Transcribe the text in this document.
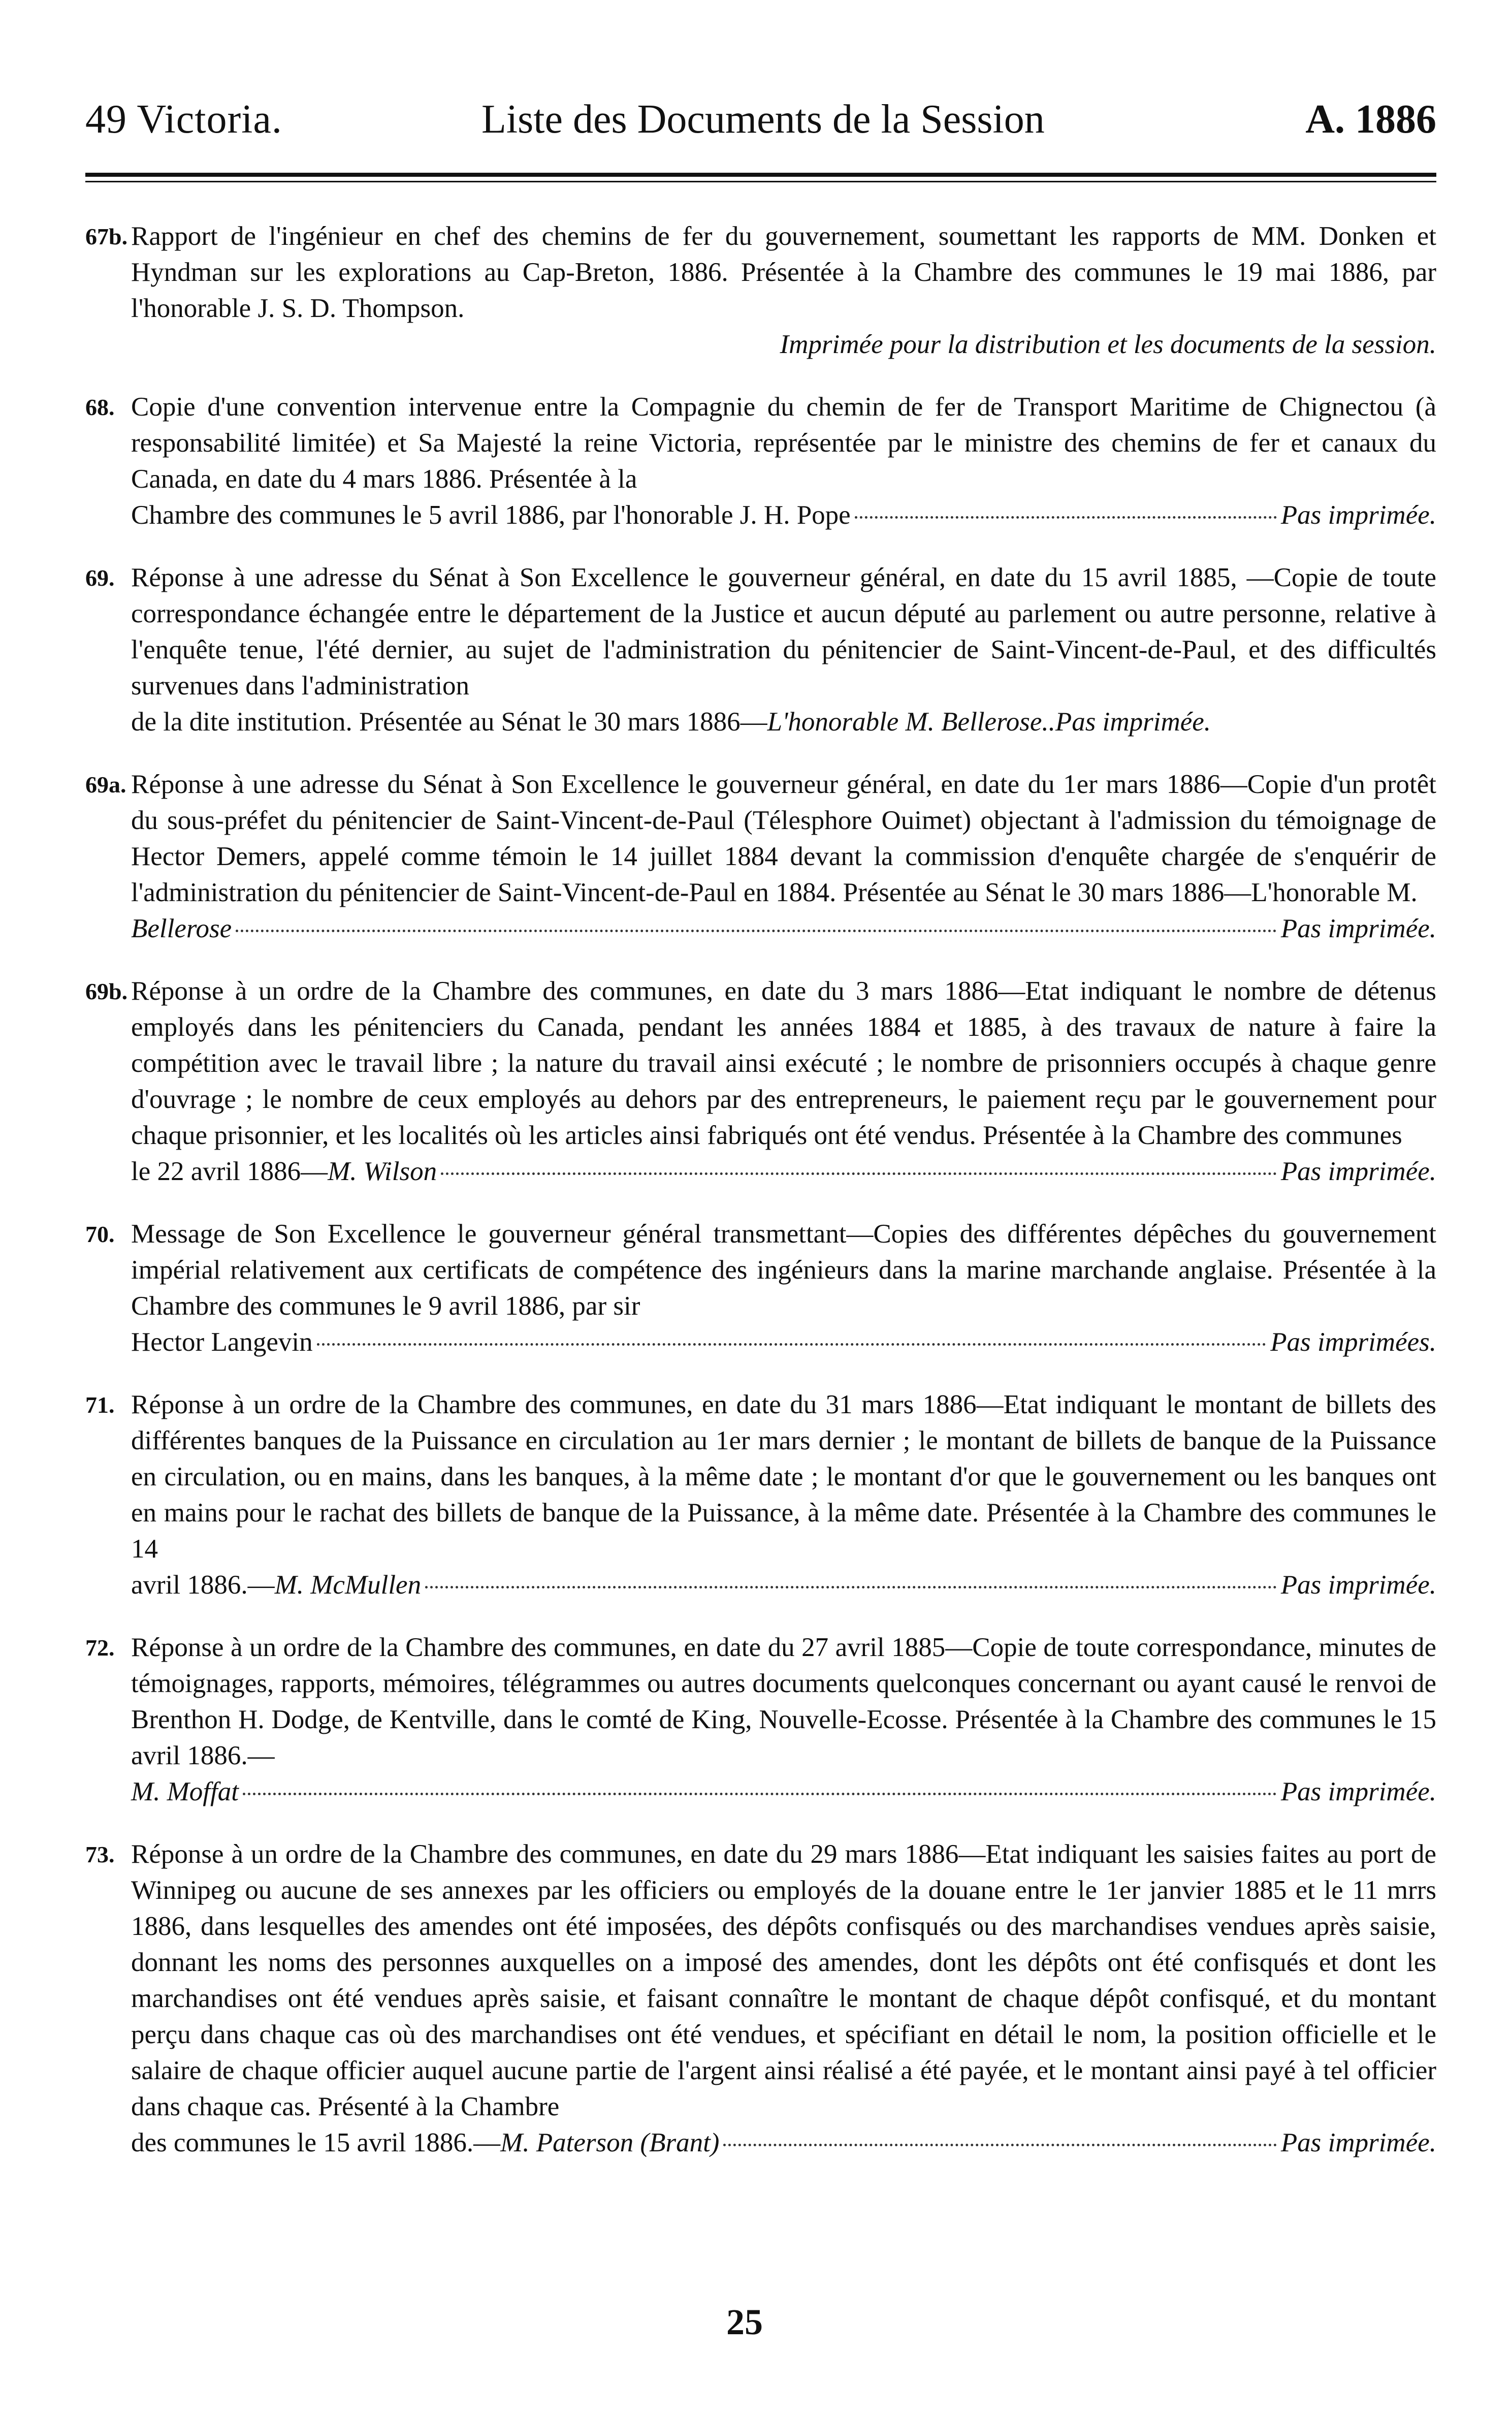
49 Victoria.	Liste des Documents de la Session	A. 1886
67b. Rapport de l'ingénieur en chef des chemins de fer du gouvernement, soumettant les rapports de MM. Donken et Hyndman sur les explorations au Cap-Breton, 1886. Présentée à la Chambre des communes le 19 mai 1886, par l'honorable J. S. D. Thompson.
Imprimée pour la distribution et les documents de la session.
68. Copie d'une convention intervenue entre la Compagnie du chemin de fer de Transport Maritime de Chignectou (à responsabilité limitée) et Sa Majesté la reine Victoria, représentée par le ministre des chemins de fer et canaux du Canada, en date du 4 mars 1886. Présentée à la
Chambre des communes le 5 avril 1886, par l'honorable J. H. Pope	Pas imprimée.
69. Réponse à une adresse du Sénat à Son Excellence le gouverneur général, en date du 15 avril 1885, —Copie de toute correspondance échangée entre le département de la Justice et aucun député au parlement ou autre personne, relative à l'enquête tenue, l'été dernier, au sujet de l'administration du pénitencier de Saint-Vincent-de-Paul, et des difficultés survenues dans l'administration
de la dite institution. Présentée au Sénat le 30 mars 1886—L'honorable M. Bellerose.. Pas imprimée.
69a. Réponse à une adresse du Sénat à Son Excellence le gouverneur général, en date du 1er mars 1886—Copie d'un protêt du sous-préfet du pénitencier de Saint-Vincent-de-Paul (Télesphore Ouimet) objectant à l'admission du témoignage de Hector Demers, appelé comme témoin le 14 juillet 1884 devant la commission d'enquête chargée de s'enquérir de l'administration du pénitencier de Saint-Vincent-de-Paul en 1884. Présentée au Sénat le 30 mars 1886—L'honorable M.
Bellerose	Pas imprimée.
69b. Réponse à un ordre de la Chambre des communes, en date du 3 mars 1886—Etat indiquant le nombre de détenus employés dans les pénitenciers du Canada, pendant les années 1884 et 1885, à des travaux de nature à faire la compétition avec le travail libre ; la nature du travail ainsi exécuté ; le nombre de prisonniers occupés à chaque genre d'ouvrage ; le nombre de ceux employés au dehors par des entrepreneurs, le paiement reçu par le gouvernement pour chaque prisonnier, et les localités où les articles ainsi fabriqués ont été vendus. Présentée à la Chambre des communes
le 22 avril 1886—M. Wilson	Pas imprimée.
70. Message de Son Excellence le gouverneur général transmettant—Copies des différentes dépêches du gouvernement impérial relativement aux certificats de compétence des ingénieurs dans la marine marchande anglaise. Présentée à la Chambre des communes le 9 avril 1886, par sir
Hector Langevin	Pas imprimées.
71. Réponse à un ordre de la Chambre des communes, en date du 31 mars 1886—Etat indiquant le montant de billets des différentes banques de la Puissance en circulation au 1er mars dernier ; le montant de billets de banque de la Puissance en circulation, ou en mains, dans les banques, à la même date ; le montant d'or que le gouvernement ou les banques ont en mains pour le rachat des billets de banque de la Puissance, à la même date. Présentée à la Chambre des communes le 14
avril 1886.—M. McMullen	Pas imprimée.
72. Réponse à un ordre de la Chambre des communes, en date du 27 avril 1885—Copie de toute correspondance, minutes de témoignages, rapports, mémoires, télégrammes ou autres documents quelconques concernant ou ayant causé le renvoi de Brenthon H. Dodge, de Kentville, dans le comté de King, Nouvelle-Ecosse. Présentée à la Chambre des communes le 15 avril 1886.—
M. Moffat	Pas imprimée.
73. Réponse à un ordre de la Chambre des communes, en date du 29 mars 1886—Etat indiquant les saisies faites au port de Winnipeg ou aucune de ses annexes par les officiers ou employés de la douane entre le 1er janvier 1885 et le 11 mrrs 1886, dans lesquelles des amendes ont été imposées, des dépôts confisqués ou des marchandises vendues après saisie, donnant les noms des personnes auxquelles on a imposé des amendes, dont les dépôts ont été confisqués et dont les marchandises ont été vendues après saisie, et faisant connaître le montant de chaque dépôt confisqué, et du montant perçu dans chaque cas où des marchandises ont été vendues, et spécifiant en détail le nom, la position officielle et le salaire de chaque officier auquel aucune partie de l'argent ainsi réalisé a été payée, et le montant ainsi payé à tel officier dans chaque cas. Présenté à la Chambre
des communes le 15 avril 1886.—M. Paterson (Brant)	Pas imprimée.
25
